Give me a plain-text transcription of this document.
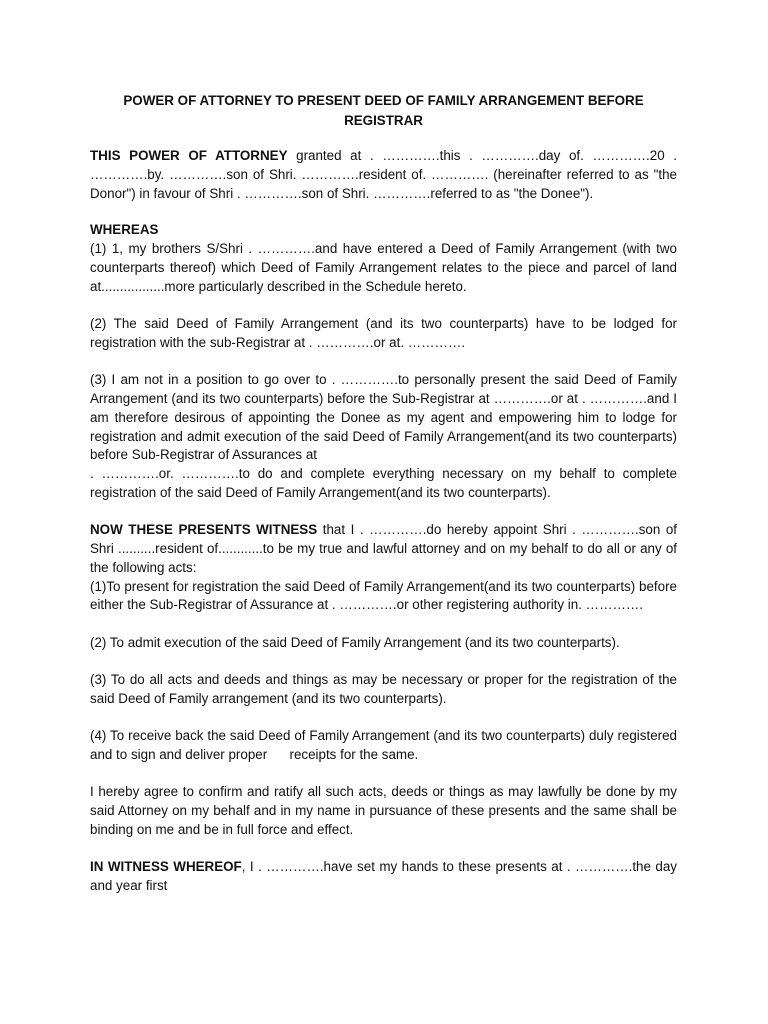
POWER OF ATTORNEY TO PRESENT DEED OF FAMILY ARRANGEMENT BEFORE
REGISTRAR

THIS POWER OF ATTORNEY granted at . ………….this . ………….day of. ………….20 . ………….by. ………….son of Shri. ………….resident of. …………. (hereinafter referred to as "the Donor") in favour of Shri . ………….son of Shri. ………….referred to as "the Donee").

WHEREAS

(1) 1, my brothers S/Shri . ………….and have entered a Deed of Family Arrangement (with two counterparts thereof) which Deed of Family Arrangement relates to the piece and parcel of land at.................more particularly described in the Schedule hereto.

(2) The said Deed of Family Arrangement (and its two counterparts) have to be lodged for registration with the sub-Registrar at . ………….or at. ………….

(3) I am not in a position to go over to . ………….to personally present the said Deed of Family Arrangement (and its two counterparts) before the Sub-Registrar at ………….or at . ………….and I am therefore desirous of appointing the Donee as my agent and empowering him to lodge for registration and admit execution of the said Deed of Family Arrangement(and its two counterparts) before Sub-Registrar of Assurances at
. ………….or. ………….to do and complete everything necessary on my behalf to complete registration of the said Deed of Family Arrangement(and its two counterparts).

NOW THESE PRESENTS WITNESS that I . ………….do hereby appoint Shri . ………….son of Shri ..........resident of............to be my true and lawful attorney and on my behalf to do all or any of the following acts:

(1)To present for registration the said Deed of Family Arrangement(and its two counterparts) before either the Sub-Registrar of Assurance at . ………….or other registering authority in. ………….

(2) To admit execution of the said Deed of Family Arrangement (and its two counterparts).

(3) To do all acts and deeds and things as may be necessary or proper for the registration of the said Deed of Family arrangement (and its two counterparts).

(4) To receive back the said Deed of Family Arrangement (and its two counterparts) duly registered and to sign and deliver proper      receipts for the same.

I hereby agree to confirm and ratify all such acts, deeds or things as may lawfully be done by my said Attorney on my behalf and in my name in pursuance of these presents and the same shall be binding on me and be in full force and effect.

IN WITNESS WHEREOF, I . ………….have set my hands to these presents at . ………….the day and year first
